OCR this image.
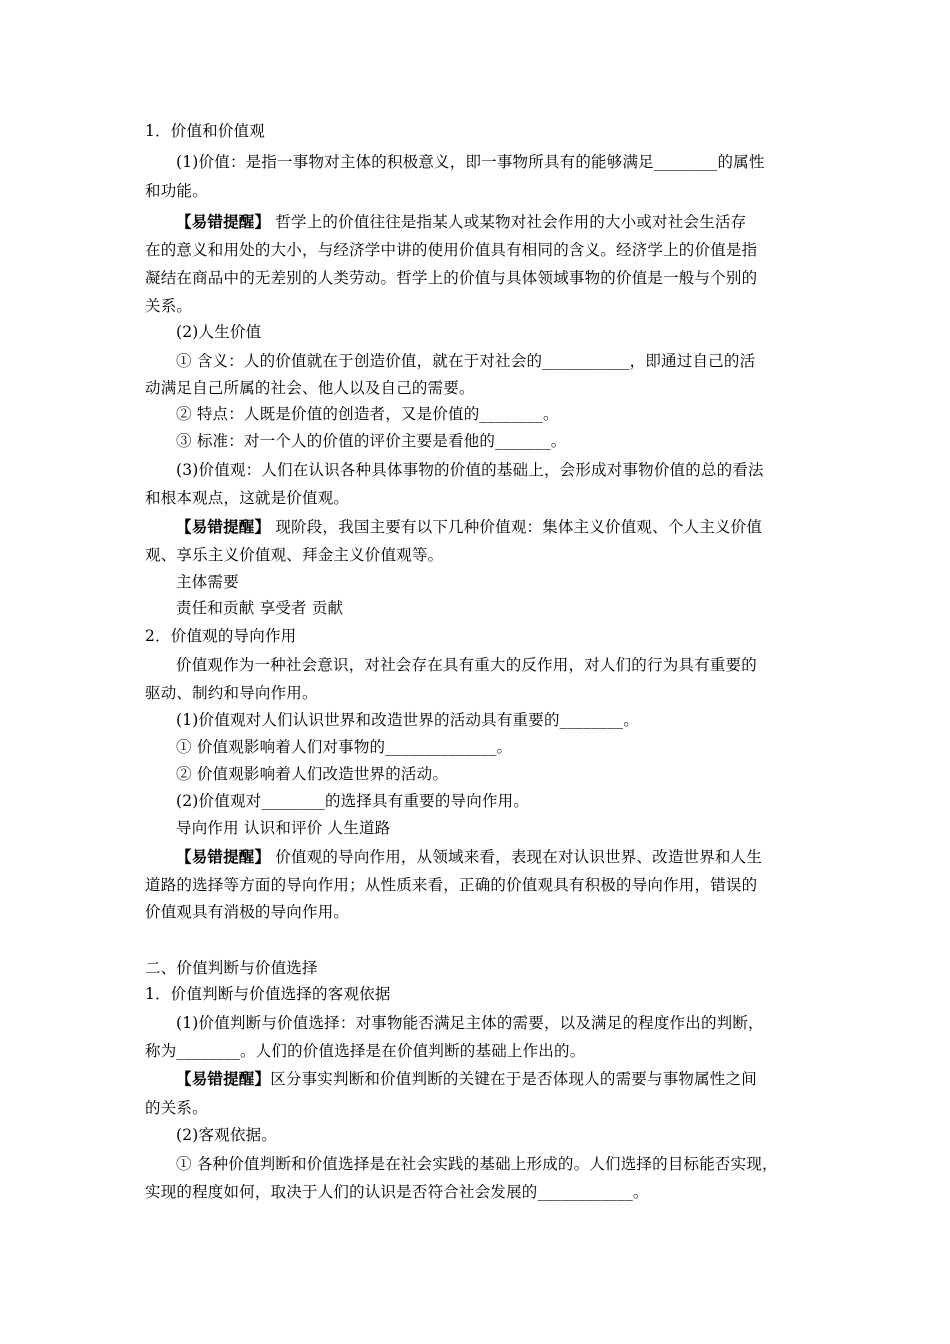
1．价值和价值观

(1)价值：是指一事物对主体的积极意义，即一事物所具有的能够满足________的属性

和功能。

【易错提醒】 哲学上的价值往往是指某人或某物对社会作用的大小或对社会生活存

在的意义和用处的大小，与经济学中讲的使用价值具有相同的含义。经济学上的价值是指

凝结在商品中的无差别的人类劳动。哲学上的价值与具体领域事物的价值是一般与个别的

关系。

(2)人生价值

① 含义：人的价值就在于创造价值，就在于对社会的___________，即通过自己的活

动满足自己所属的社会、他人以及自己的需要。

② 特点：人既是价值的创造者，又是价值的________。

③ 标准：对一个人的价值的评价主要是看他的_______。

(3)价值观：人们在认识各种具体事物的价值的基础上，会形成对事物价值的总的看法

和根本观点，这就是价值观。

【易错提醒】 现阶段，我国主要有以下几种价值观：集体主义价值观、个人主义价值

观、享乐主义价值观、拜金主义价值观等。

主体需要

责任和贡献 享受者 贡献

2．价值观的导向作用

价值观作为一种社会意识，对社会存在具有重大的反作用，对人们的行为具有重要的

驱动、制约和导向作用。

(1)价值观对人们认识世界和改造世界的活动具有重要的________。

① 价值观影响着人们对事物的______________。

② 价值观影响着人们改造世界的活动。

(2)价值观对________的选择具有重要的导向作用。

导向作用 认识和评价 人生道路

【易错提醒】 价值观的导向作用，从领域来看，表现在对认识世界、改造世界和人生

道路的选择等方面的导向作用；从性质来看，正确的价值观具有积极的导向作用，错误的

价值观具有消极的导向作用。

二、价值判断与价值选择

1．价值判断与价值选择的客观依据

(1)价值判断与价值选择：对事物能否满足主体的需要，以及满足的程度作出的判断，

称为________。人们的价值选择是在价值判断的基础上作出的。

【易错提醒】区分事实判断和价值判断的关键在于是否体现人的需要与事物属性之间

的关系。

(2)客观依据。

① 各种价值判断和价值选择是在社会实践的基础上形成的。人们选择的目标能否实现，

实现的程度如何，取决于人们的认识是否符合社会发展的____________。
